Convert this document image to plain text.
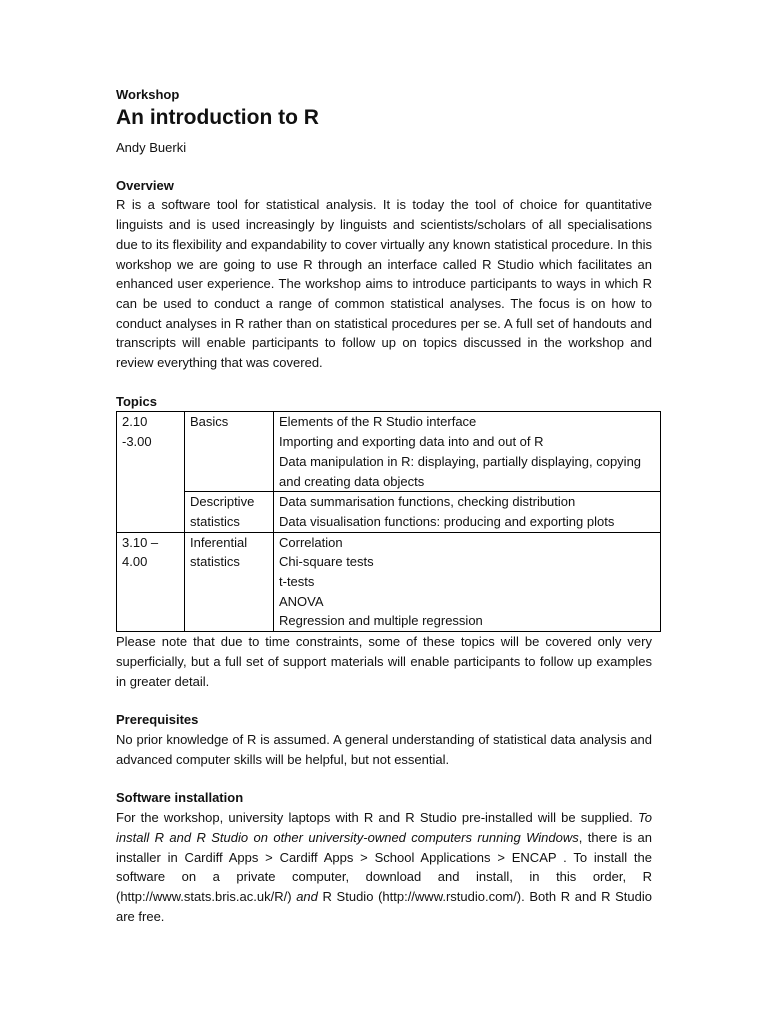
Workshop
An introduction to R
Andy Buerki
Overview

R is a software tool for statistical analysis. It is today the tool of choice for quantitative linguists and is used increasingly by linguists and scientists/scholars of all specialisations due to its flexibility and expandability to cover virtually any known statistical procedure. In this workshop we are going to use R through an interface called R Studio which facilitates an enhanced user experience. The workshop aims to introduce participants to ways in which R can be used to conduct a range of common statistical analyses. The focus is on how to conduct analyses in R rather than on statistical procedures per se. A full set of handouts and transcripts will enable participants to follow up on topics discussed in the workshop and review everything that was covered.

Topics
2.10 -3.00	Basics	Elements of the R Studio interface
Importing and exporting data into and out of R
Data manipulation in R: displaying, partially displaying, copying and creating data objects

	Descriptive
statistics	Data summarisation functions, checking distribution
Data visualisation functions: producing and exporting plots

3.10 –
4.00	Inferential
statistics	Correlation
Chi-square tests
t-tests
ANOVA
Regression and multiple regression

Please note that due to time constraints, some of these topics will be covered only very superficially, but a full set of support materials will enable participants to follow up examples in greater detail.

Prerequisites

No prior knowledge of R is assumed. A general understanding of statistical data analysis and advanced computer skills will be helpful, but not essential.

Software installation

For the workshop, university laptops with R and R Studio pre-installed will be supplied. To install R and R Studio on other university-owned computers running Windows, there is an installer in Cardiff Apps > Cardiff Apps > School Applications > ENCAP . To install the software on a private computer, download and install, in this order, R (http://www.stats.bris.ac.uk/R/) and R Studio (http://www.rstudio.com/). Both R and R Studio are free.
